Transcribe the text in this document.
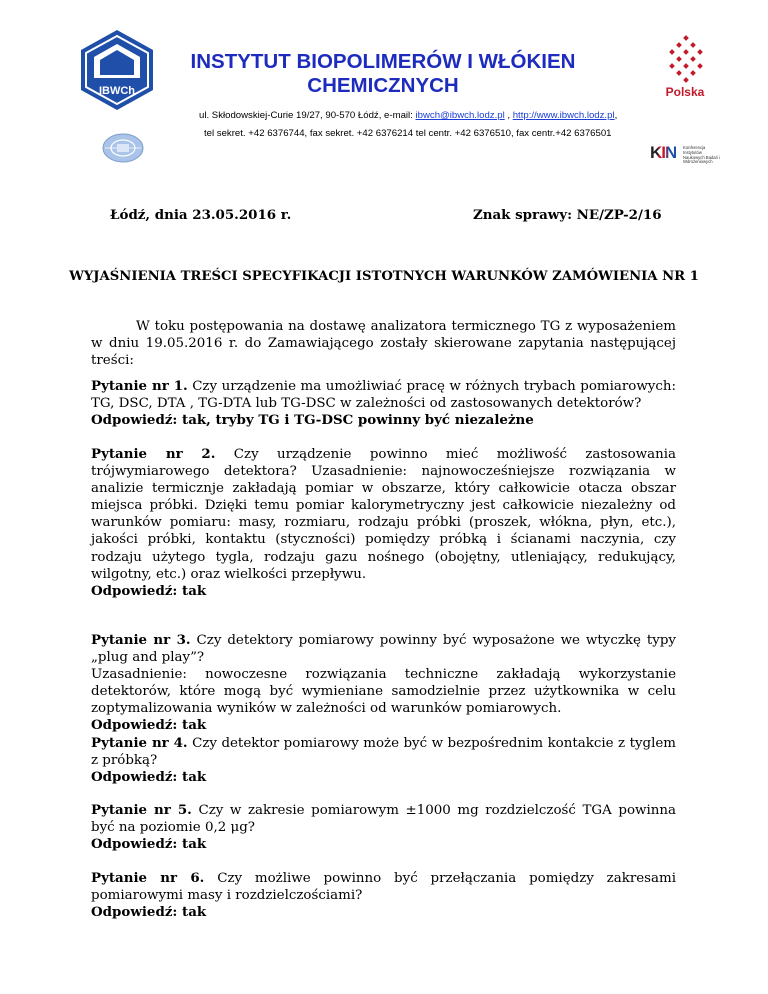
IBWCh
INSTYTUT BIOPOLIMERÓW I WŁÓKIEN
CHEMICZNYCH
ul. Skłodowskiej-Curie 19/27, 90-570 Łódź, e-mail: ibwch@ibwch.lodz.pl , http://www.ibwch.lodz.pl,
tel sekret. +42 6376744, fax sekret. +42 6376214 tel centr. +42 6376510, fax centr.+42 6376501
Polska
KIN Konferencja Instytutów Naukowych Badań i Wdrożeniowych
Łódź, dnia 23.05.2016 r.	Znak sprawy: NE/ZP-2/16
WYJAŚNIENIA TREŚCI SPECYFIKACJI ISTOTNYCH WARUNKÓW ZAMÓWIENIA NR 1
W toku postępowania na dostawę analizatora termicznego TG z wyposażeniem w dniu 19.05.2016 r. do Zamawiającego zostały skierowane zapytania następującej treści:
Pytanie nr 1. Czy urządzenie ma umożliwiać pracę w różnych trybach pomiarowych: TG, DSC, DTA , TG-DTA lub TG-DSC w zależności od zastosowanych detektorów?
Odpowiedź: tak, tryby TG i TG-DSC powinny być niezależne
Pytanie nr 2. Czy urządzenie powinno mieć możliwość zastosowania trójwymiarowego detektora? Uzasadnienie: najnowocześniejsze rozwiązania w analizie termicznje zakładają pomiar w obszarze, który całkowicie otacza obszar miejsca próbki. Dzięki temu pomiar kalorymetryczny jest całkowicie niezależny od warunków pomiaru: masy, rozmiaru, rodzaju próbki (proszek, włókna, płyn, etc.), jakości próbki, kontaktu (styczności) pomiędzy próbką i ścianami naczynia, czy rodzaju użytego tygla, rodzaju gazu nośnego (obojętny, utleniający, redukujący, wilgotny, etc.) oraz wielkości przepływu.
Odpowiedź: tak
Pytanie nr 3. Czy detektory pomiarowy powinny być wyposażone we wtyczkę typy „plug and play”?
Uzasadnienie: nowoczesne rozwiązania techniczne zakładają wykorzystanie detektorów, które mogą być wymieniane samodzielnie przez użytkownika w celu zoptymalizowania wyników w zależności od warunków pomiarowych.
Odpowiedź: tak
Pytanie nr 4. Czy detektor pomiarowy może być w bezpośrednim kontakcie z tyglem z próbką?
Odpowiedź: tak
Pytanie nr 5. Czy w zakresie pomiarowym ±1000 mg rozdzielczość TGA powinna być na poziomie 0,2 μg?
Odpowiedź: tak
Pytanie nr 6. Czy możliwe powinno być przełączania pomiędzy zakresami pomiarowymi masy i rozdzielczościami?
Odpowiedź: tak
